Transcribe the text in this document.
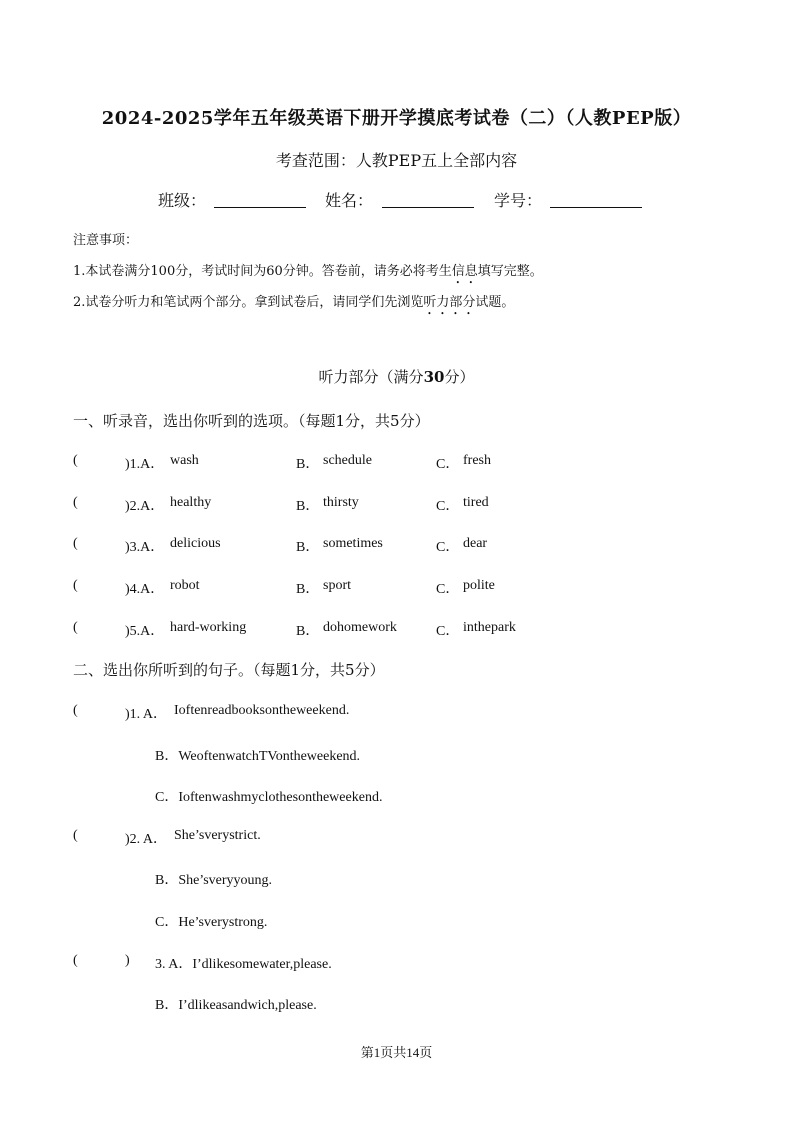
2024-2025学年五年级英语下册开学摸底考试卷（二）（人教PEP版）
考查范围：人教PEP五上全部内容
班级：	姓名：	学号：
注意事项：
1.本试卷满分100分，考试时间为60分钟。答卷前，请务必将考生信息填写完整。
2.试卷分听力和笔试两个部分。拿到试卷后，请同学们先浏览听力部分试题。
听力部分（满分30分）
一、听录音，选出你听到的选项。（每题1分，共5分）
(	)1.A． wash	B． schedule	C． fresh
(	)2.A． healthy	B． thirsty	C． tired
(	)3.A． delicious	B． sometimes	C． dear
(	)4.A． robot	B． sport	C． polite
(	)5.A． hard-working	B． dohomework	C． inthepark
二、选出你所听到的句子。（每题1分，共5分）
(	)1. A． Ioftenreadbooksontheweekend.
B．WeoftenwatchTVontheweekend.
C．Ioftenwashmyclothesontheweekend.
(	)2. A． She’sverystrict.
B．She’sveryyoung.
C．He’sverystrong.
(	) 3. A．I’dlikesomewater,please.
B．I’dlikeasandwich,please.
第1页共14页
